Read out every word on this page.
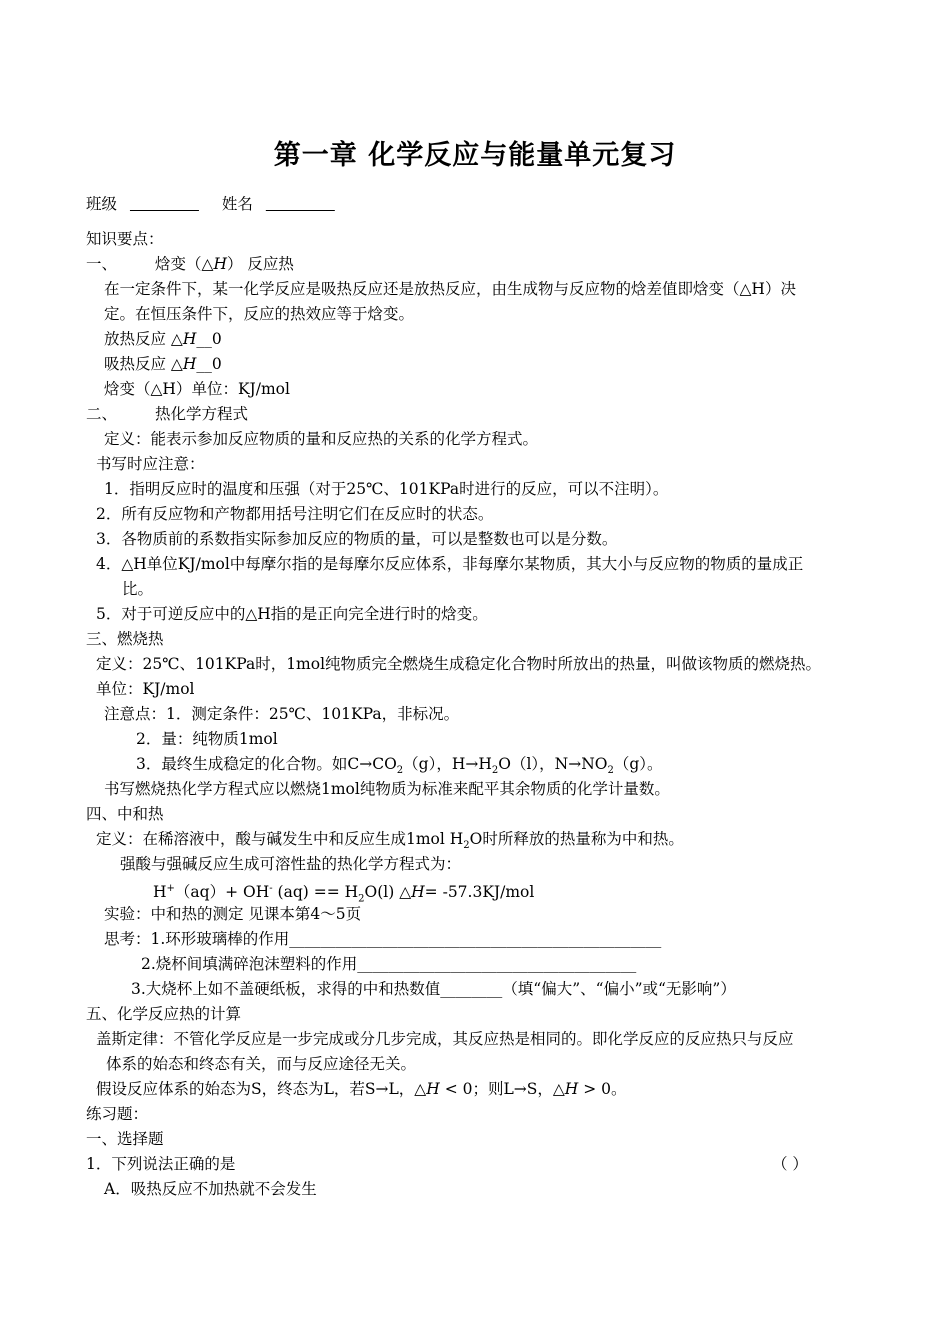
第一章 化学反应与能量单元复习
班级	姓名
知识要点：
一、 焓变（△H） 反应热
在一定条件下，某一化学反应是吸热反应还是放热反应，由生成物与反应物的焓差值即焓变（△H）决
定。在恒压条件下，反应的热效应等于焓变。
放热反应 △H__0
吸热反应 △H__0
焓变（△H）单位：KJ/mol
二、 热化学方程式
定义：能表示参加反应物质的量和反应热的关系的化学方程式。
书写时应注意：
1．指明反应时的温度和压强（对于25℃、101KPa时进行的反应，可以不注明）。
2．所有反应物和产物都用括号注明它们在反应时的状态。
3．各物质前的系数指实际参加反应的物质的量，可以是整数也可以是分数。
4．△H单位KJ/mol中每摩尔指的是每摩尔反应体系，非每摩尔某物质，其大小与反应物的物质的量成正
比。
5．对于可逆反应中的△H指的是正向完全进行时的焓变。
三、燃烧热
定义：25℃、101KPa时，1mol纯物质完全燃烧生成稳定化合物时所放出的热量，叫做该物质的燃烧热。
单位：KJ/mol
注意点：1．测定条件：25℃、101KPa，非标况。
2．量：纯物质1mol
3．最终生成稳定的化合物。如$C\to CO_2(g)$，$H\to H_2O(l)$，$N\to NO_2(g)$。
书写燃烧热化学方程式应以燃烧1mol纯物质为标准来配平其余物质的化学计量数。
四、中和热
定义：在稀溶液中，酸与碱发生中和反应生成1mol $H_2O$时所释放的热量称为中和热。
强酸与强碱反应生成可溶性盐的热化学方程式为：
H+（aq）+ OH- $(aq) == H_2O(l)$ △H= -57.3KJ/mol
实验：中和热的测定 见课本第4～5页
思考：1.环形玻璃棒的作用________________________________________________
2.烧杯间填满碎泡沫塑料的作用____________________________________
3.大烧杯上如不盖硬纸板，求得的中和热数值________（填“偏大”、“偏小”或“无影响”）
五、化学反应热的计算
盖斯定律：不管化学反应是一步完成或分几步完成，其反应热是相同的。即化学反应的反应热只与反应
体系的始态和终态有关，而与反应途径无关。
假设反应体系的始态为S，终态为L，若S→L，△H < 0；则L→S，△H > 0。
练习题：
一、选择题
1．下列说法正确的是	（ ）
A．吸热反应不加热就不会发生
